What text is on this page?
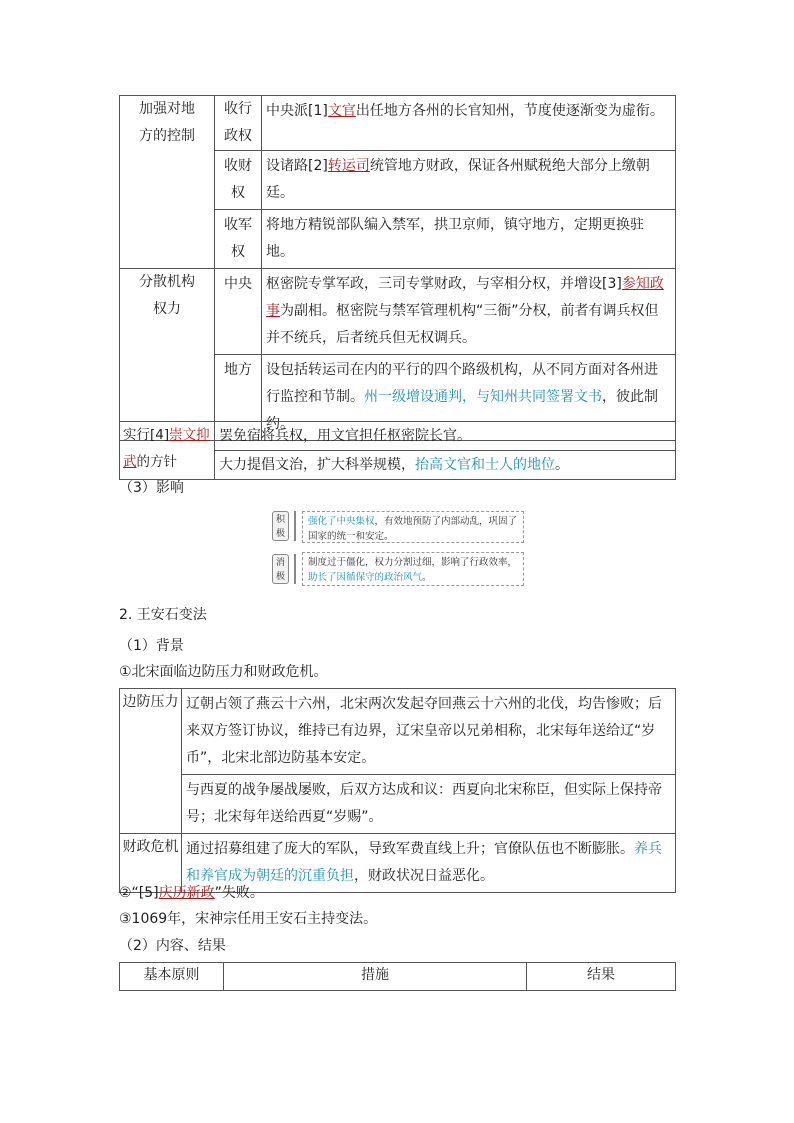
加强对地方的控制	收行政权	中央派[1]文官出任地方各州的长官知州，节度使逐渐变为虚衔。
	收财权	设诸路[2]转运司统管地方财政，保证各州赋税绝大部分上缴朝廷。
	收军权	将地方精锐部队编入禁军，拱卫京师，镇守地方，定期更换驻地。
分散机构权力	中央	枢密院专掌军政，三司专掌财政，与宰相分权，并增设[3]参知政事为副相。枢密院与禁军管理机构“三衙”分权，前者有调兵权但并不统兵，后者统兵但无权调兵。
	地方	设包括转运司在内的平行的四个路级机构，从不同方面对各州进行监控和节制。州一级增设通判，与知州共同签署文书，彼此制约。
实行[4]崇文抑武的方针	罢免宿将兵权，用文官担任枢密院长官。
大力提倡文治，扩大科举规模，抬高文官和士人的地位。
（3）影响
积极
强化了中央集权，有效地预防了内部动乱，巩固了国家的统一和安定。
消极
制度过于僵化，权力分割过细，影响了行政效率，助长了因循保守的政治风气。
2. 王安石变法
（1）背景
①北宋面临边防压力和财政危机。
边防压力	辽朝占领了燕云十六州，北宋两次发起夺回燕云十六州的北伐，均告惨败；后来双方签订协议，维持已有边界，辽宋皇帝以兄弟相称，北宋每年送给辽“岁币”，北宋北部边防基本安定。
	与西夏的战争屡战屡败，后双方达成和议：西夏向北宋称臣，但实际上保持帝号；北宋每年送给西夏“岁赐”。
财政危机	通过招募组建了庞大的军队，导致军费直线上升；官僚队伍也不断膨胀。养兵和养官成为朝廷的沉重负担，财政状况日益恶化。
②“[5]庆历新政”失败。
③1069年，宋神宗任用王安石主持变法。
（2）内容、结果
基本原则	措施	结果
